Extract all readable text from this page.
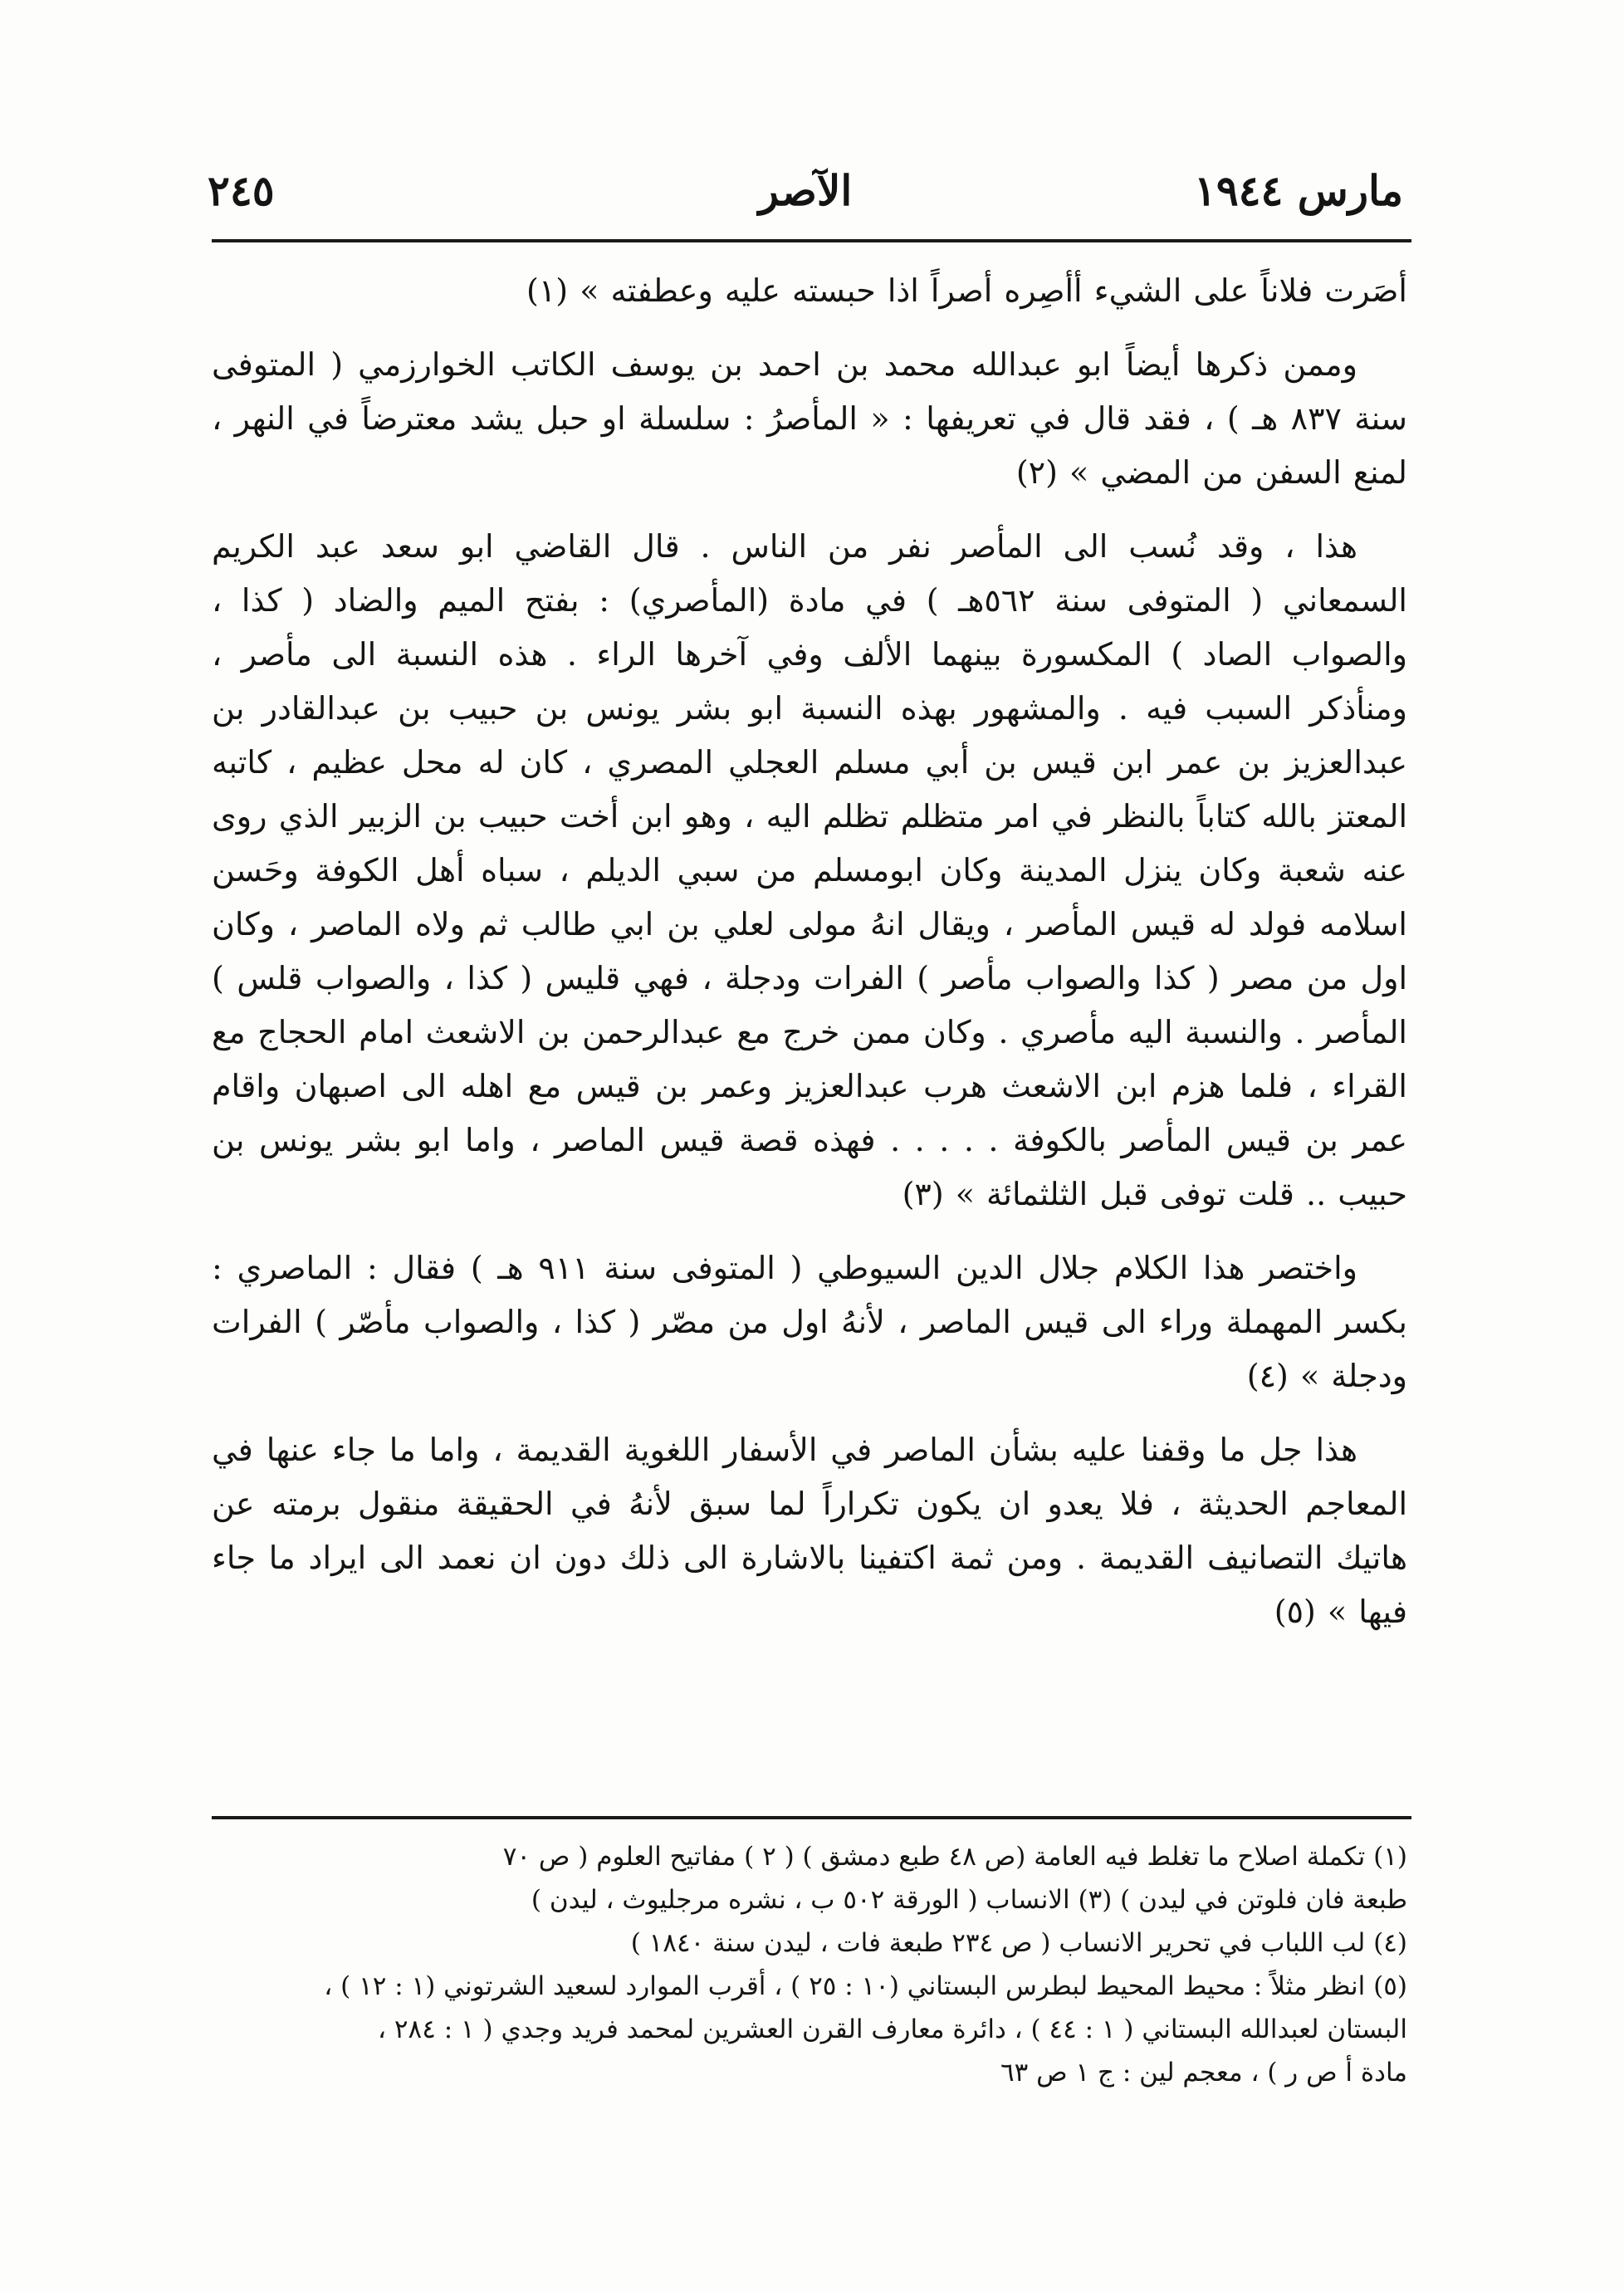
مارس ١٩٤٤
الآصر
٢٤٥

أصَرت فلاناً على الشيء أأصِره أصراً اذا حبسته عليه وعطفته » (١)

وممن ذكرها أيضاً ابو عبدالله محمد بن احمد بن يوسف الكاتب الخوارزمي ( المتوفى سنة ٨٣٧ هـ ) ، فقد قال في تعريفها : « المأصرُ : سلسلة او حبل يشد معترضاً في النهر ، لمنع السفن من المضي » (٢)

هذا ، وقد نُسب الى المأصر نفر من الناس . قال القاضي ابو سعد عبد الكريم السمعاني ( المتوفى سنة ٥٦٢هـ ) في مادة (المأصري) : بفتح الميم والضاد ( كذا ، والصواب الصاد ) المكسورة بينهما الألف وفي آخرها الراء . هذه النسبة الى مأصر ، ومنأذكر السبب فيه . والمشهور بهذه النسبة ابو بشر يونس بن حبيب بن عبدالقادر بن عبدالعزيز بن عمر ابن قيس بن أبي مسلم العجلي المصري ، كان له محل عظيم ، كاتبه المعتز بالله كتاباً بالنظر في امر متظلم تظلم اليه ، وهو ابن أخت حبيب بن الزبير الذي روى عنه شعبة وكان ينزل المدينة وكان ابومسلم من سبي الديلم ، سباه أهل الكوفة وحَسن اسلامه فولد له قيس المأصر ، ويقال انهُ مولى لعلي بن ابي طالب ثم ولاه الماصر ، وكان اول من مصر ( كذا والصواب مأصر ) الفرات ودجلة ، فهي قليس ( كذا ، والصواب قلس ) المأصر . والنسبة اليه مأصري . وكان ممن خرج مع عبدالرحمن بن الاشعث امام الحجاج مع القراء ، فلما هزم ابن الاشعث هرب عبدالعزيز وعمر بن قيس مع اهله الى اصبهان واقام عمر بن قيس المأصر بالكوفة . . . . . فهذه قصة قيس الماصر ، واما ابو بشر يونس بن حبيب .. قلت توفى قبل الثلثمائة » (٣)

واختصر هذا الكلام جلال الدين السيوطي ( المتوفى سنة ٩١١ هـ ) فقال : الماصري : بكسر المهملة وراء الى قيس الماصر ، لأنهُ اول من مصّر ( كذا ، والصواب مأصّر ) الفرات ودجلة » (٤)

هذا جل ما وقفنا عليه بشأن الماصر في الأسفار اللغوية القديمة ، واما ما جاء عنها في المعاجم الحديثة ، فلا يعدو ان يكون تكراراً لما سبق لأنهُ في الحقيقة منقول برمته عن هاتيك التصانيف القديمة . ومن ثمة اكتفينا بالاشارة الى ذلك دون ان نعمد الى ايراد ما جاء فيها » (٥)

(١) تكملة اصلاح ما تغلط فيه العامة (ص ٤٨ طبع دمشق ) ( ٢ ) مفاتيح العلوم ( ص ٧٠

طبعة فان فلوتن في ليدن ) (٣) الانساب ( الورقة ٥٠٢ ب ، نشره مرجليوث ، ليدن )

(٤) لب اللباب في تحرير الانساب ( ص ٢٣٤ طبعة فات ، ليدن سنة ١٨٤٠ )

(٥) انظر مثلاً : محيط المحيط لبطرس البستاني (١٠ : ٢٥ ) ، أقرب الموارد لسعيد الشرتوني (١ : ١٢ ) ،

البستان لعبدالله البستاني ( ١ : ٤٤ ) ، دائرة معارف القرن العشرين لمحمد فريد وجدي ( ١ : ٢٨٤ ،

مادة أ ص ر ) ، معجم لين : ج ١ ص ٦٣
